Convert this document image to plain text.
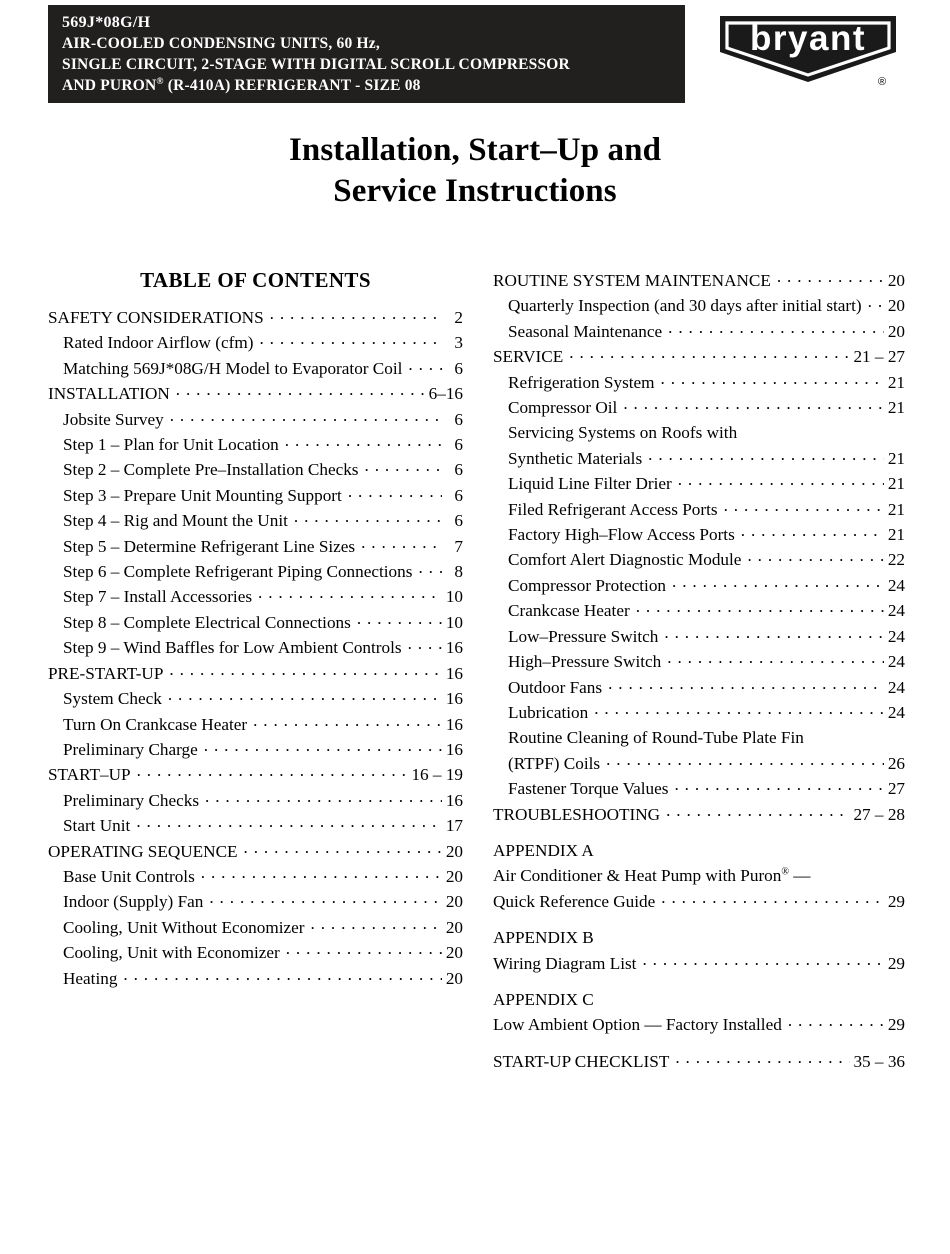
569J*08G/H
AIR-COOLED CONDENSING UNITS, 60 Hz,
SINGLE CIRCUIT, 2-STAGE WITH DIGITAL SCROLL COMPRESSOR
AND PURON® (R-410A) REFRIGERANT - SIZE 08
bryant
®
Installation, Start–Up and
Service Instructions
TABLE OF CONTENTS
SAFETY CONSIDERATIONS . . .	2
Rated Indoor Airflow (cfm) . . .	3
Matching 569J*08G/H Model to Evaporator Coil . . .	6
INSTALLATION . . .	6–16
Jobsite Survey . . .	6
Step 1 – Plan for Unit Location . . .	6
Step 2 – Complete Pre–Installation Checks . . .	6
Step 3 – Prepare Unit Mounting Support . . .	6
Step 4 – Rig and Mount the Unit . . .	6
Step 5 – Determine Refrigerant Line Sizes . . .	7
Step 6 – Complete Refrigerant Piping Connections . . .	8
Step 7 – Install Accessories . . .	10
Step 8 – Complete Electrical Connections . . .	10
Step 9 – Wind Baffles for Low Ambient Controls . . .	16
PRE-START-UP . . .	16
System Check . . .	16
Turn On Crankcase Heater . . .	16
Preliminary Charge . . .	16
START–UP . . .	16 – 19
Preliminary Checks . . .	16
Start Unit . . .	17
OPERATING SEQUENCE . . .	20
Base Unit Controls . . .	20
Indoor (Supply) Fan . . .	20
Cooling, Unit Without Economizer . . .	20
Cooling, Unit with Economizer . . .	20
Heating . . .	20
ROUTINE SYSTEM MAINTENANCE . . .	20
Quarterly Inspection (and 30 days after initial start) . . . 20
Seasonal Maintenance . . .	20
SERVICE . . .	21 – 27
Refrigeration System . . .	21
Compressor Oil . . .	21
Servicing Systems on Roofs with
Synthetic Materials . . .	21
Liquid Line Filter Drier . . .	21
Filed Refrigerant Access Ports . . .	21
Factory High–Flow Access Ports . . .	21
Comfort Alert Diagnostic Module . . .	22
Compressor Protection . . .	24
Crankcase Heater . . .	24
Low–Pressure Switch . . .	24
High–Pressure Switch . . .	24
Outdoor Fans . . .	24
Lubrication . . .	24
Routine Cleaning of Round-Tube Plate Fin
(RTPF) Coils . . .	26
Fastener Torque Values . . .	27
TROUBLESHOOTING . . .	27 – 28
APPENDIX A
Air Conditioner & Heat Pump with Puron® —
Quick Reference Guide . . .	29
APPENDIX B
Wiring Diagram List . . .	29
APPENDIX C
Low Ambient Option — Factory Installed . . .	29
START-UP CHECKLIST . . .	35 – 36
